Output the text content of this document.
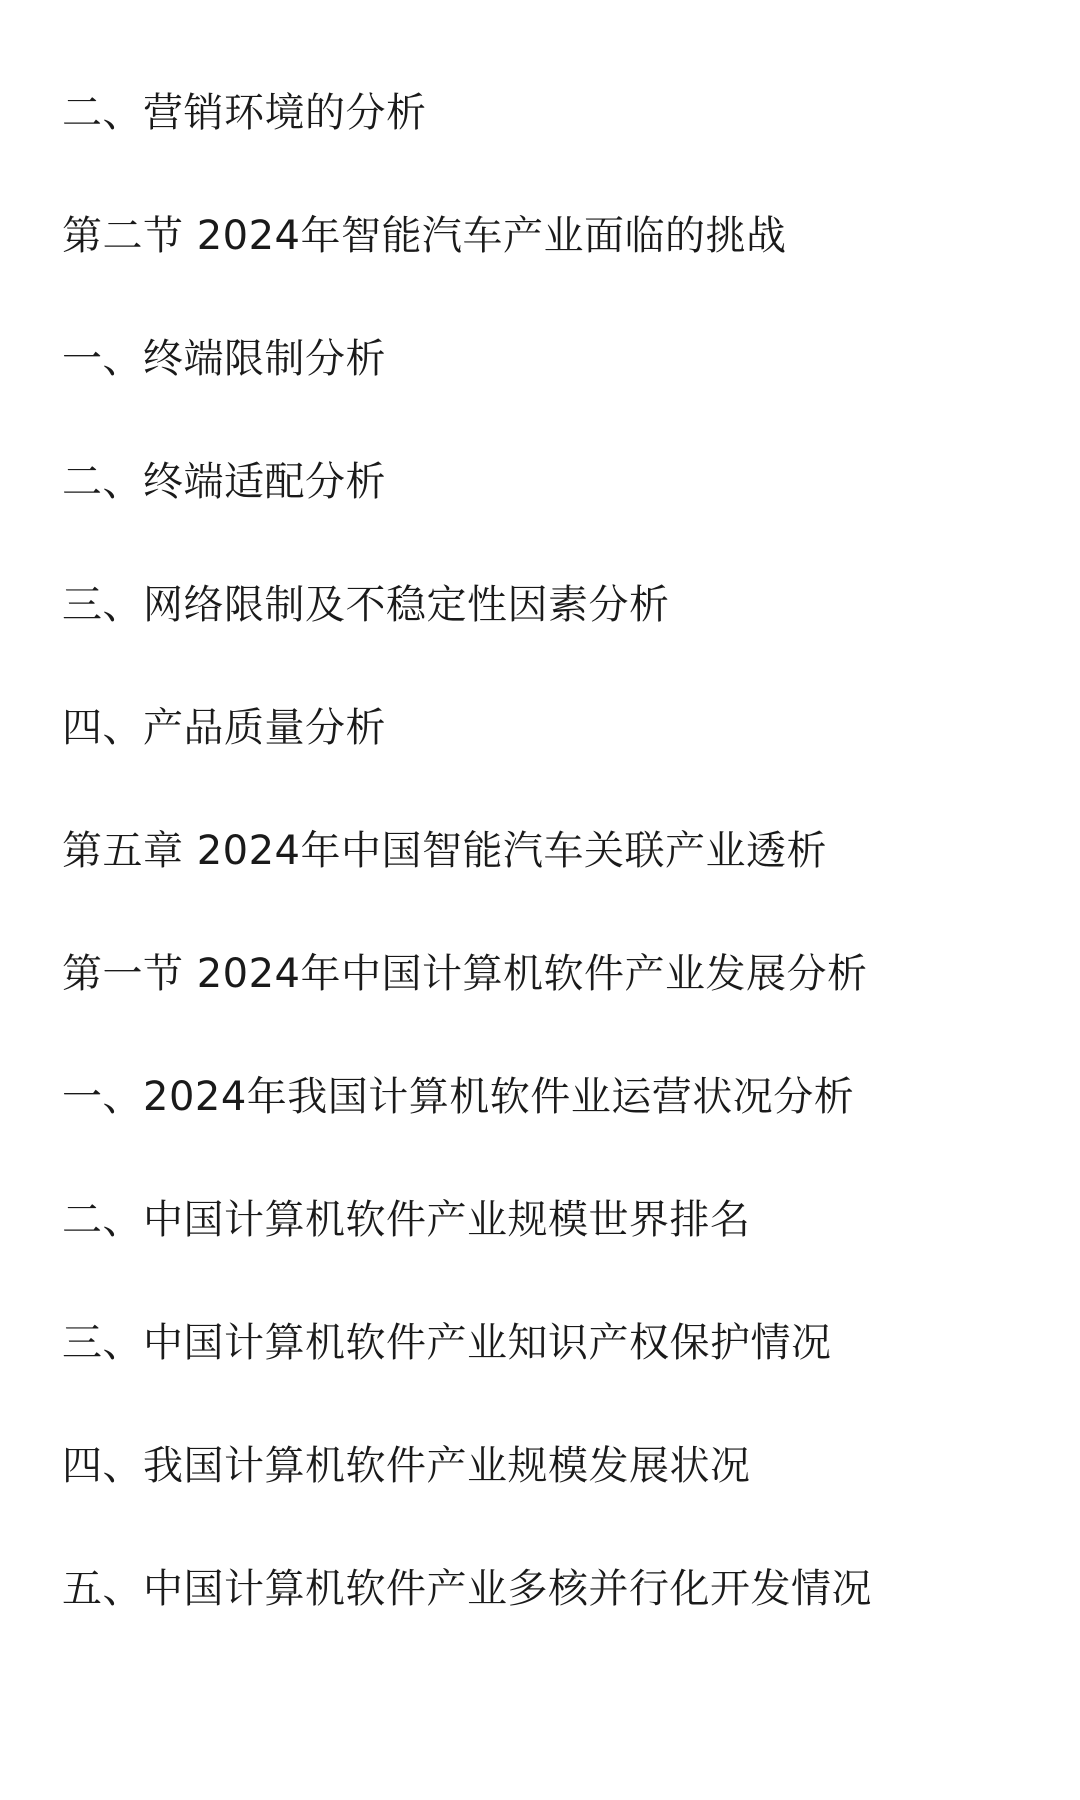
二、营销环境的分析
第二节 2024年智能汽车产业面临的挑战
一、终端限制分析
二、终端适配分析
三、网络限制及不稳定性因素分析
四、产品质量分析
第五章 2024年中国智能汽车关联产业透析
第一节 2024年中国计算机软件产业发展分析
一、2024年我国计算机软件业运营状况分析
二、中国计算机软件产业规模世界排名
三、中国计算机软件产业知识产权保护情况
四、我国计算机软件产业规模发展状况
五、中国计算机软件产业多核并行化开发情况
